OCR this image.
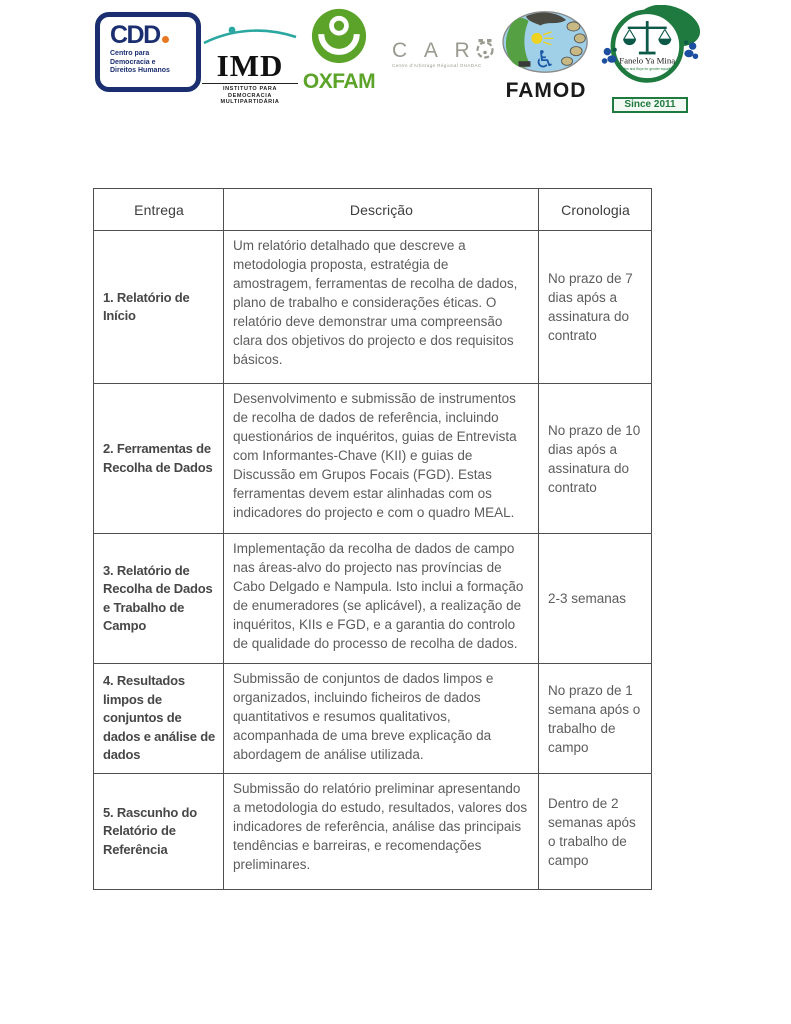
CDD
Centro para
Democracia e
Direitos Humanos	IMD
INSTITUTO PARA DEMOCRACIA
MULTIPARTIDÁRIA
OXFAM
C A R
Centre d'Arbitrage Régional OHADAC	♿
FAMOD
Fanelo Ya Mina
Men and Boys for gender equality
Since 2011
Entrega	Descrição	Cronologia
1. Relatório de Início	Um relatório detalhado que descreve a metodologia proposta, estratégia de amostragem, ferramentas de recolha de dados, plano de trabalho e considerações éticas. O relatório deve demonstrar uma compreensão clara dos objetivos do projecto e dos requisitos básicos.	No prazo de 7 dias após a assinatura do contrato
2. Ferramentas de Recolha de Dados	Desenvolvimento e submissão de instrumentos de recolha de dados de referência, incluindo questionários de inquéritos, guias de Entrevista com Informantes-Chave (KII) e guias de Discussão em Grupos Focais (FGD). Estas ferramentas devem estar alinhadas com os indicadores do projecto e com o quadro MEAL.	No prazo de 10 dias após a assinatura do contrato
3. Relatório de Recolha de Dados e Trabalho de Campo	Implementação da recolha de dados de campo nas áreas-alvo do projecto nas províncias de Cabo Delgado e Nampula. Isto inclui a formação de enumeradores (se aplicável), a realização de inquéritos, KIIs e FGD, e a garantia do controlo de qualidade do processo de recolha de dados.	2-3 semanas
4. Resultados limpos de conjuntos de dados e análise de dados	Submissão de conjuntos de dados limpos e organizados, incluindo ficheiros de dados quantitativos e resumos qualitativos, acompanhada de uma breve explicação da abordagem de análise utilizada.	No prazo de 1 semana após o trabalho de campo
5. Rascunho do Relatório de Referência	Submissão do relatório preliminar apresentando a metodologia do estudo, resultados, valores dos indicadores de referência, análise das principais tendências e barreiras, e recomendações preliminares.	Dentro de 2 semanas após o trabalho de campo
